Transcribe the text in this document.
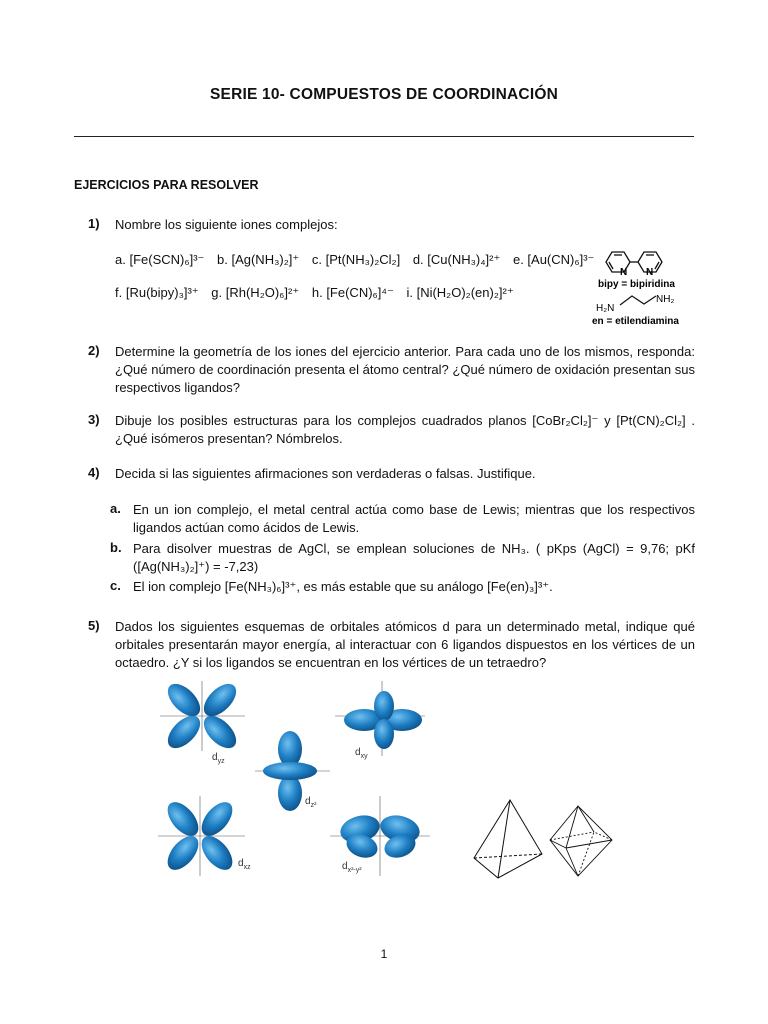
SERIE 10- COMPUESTOS DE COORDINACIÓN
EJERCICIOS PARA RESOLVER
1) Nombre los siguiente iones complejos:
a. [Fe(SCN)₆]³⁻ b. [Ag(NH₃)₂]⁺ c. [Pt(NH₃)₂Cl₂] d. [Cu(NH₃)₄]²⁺ e. [Au(CN)₆]³⁻
f. [Ru(bipy)₃]³⁺ g. [Rh(H₂O)₆]²⁺ h. [Fe(CN)₆]⁴⁻ i. [Ni(H₂O)₂(en)₂]²⁺
N N
bipy = bipiridina
H₂N
NH₂
en = etilendiamina
2) Determine la geometría de los iones del ejercicio anterior. Para cada uno de los mismos, responda: ¿Qué número de coordinación presenta el átomo central? ¿Qué número de oxidación presentan sus respectivos ligandos?
3) Dibuje los posibles estructuras para los complejos cuadrados planos [CoBr₂Cl₂]⁻ y [Pt(CN)₂Cl₂] . ¿Qué isómeros presentan? Nómbrelos.
4) Decida si las siguientes afirmaciones son verdaderas o falsas. Justifique.
a. En un ion complejo, el metal central actúa como base de Lewis; mientras que los respectivos ligandos actúan como ácidos de Lewis.
b. Para disolver muestras de AgCl, se emplean soluciones de NH₃. ( pKps (AgCl) = 9,76; pKf ([Ag(NH₃)₂]⁺) = -7,23)
c. El ion complejo [Fe(NH₃)₆]³⁺, es más estable que su análogo [Fe(en)₃]³⁺.
5) Dados los siguientes esquemas de orbitales atómicos d para un determinado metal, indique qué orbitales presentarán mayor energía, al interactuar con 6 ligandos dispuestos en los vértices de un octaedro. ¿Y si los ligandos se encuentran en los vértices de un tetraedro?
$d_{yz}$
$d_{z^2}$
$d_{xy}$
$d_{xz}$	$d_{x^2-y^2}$
1
